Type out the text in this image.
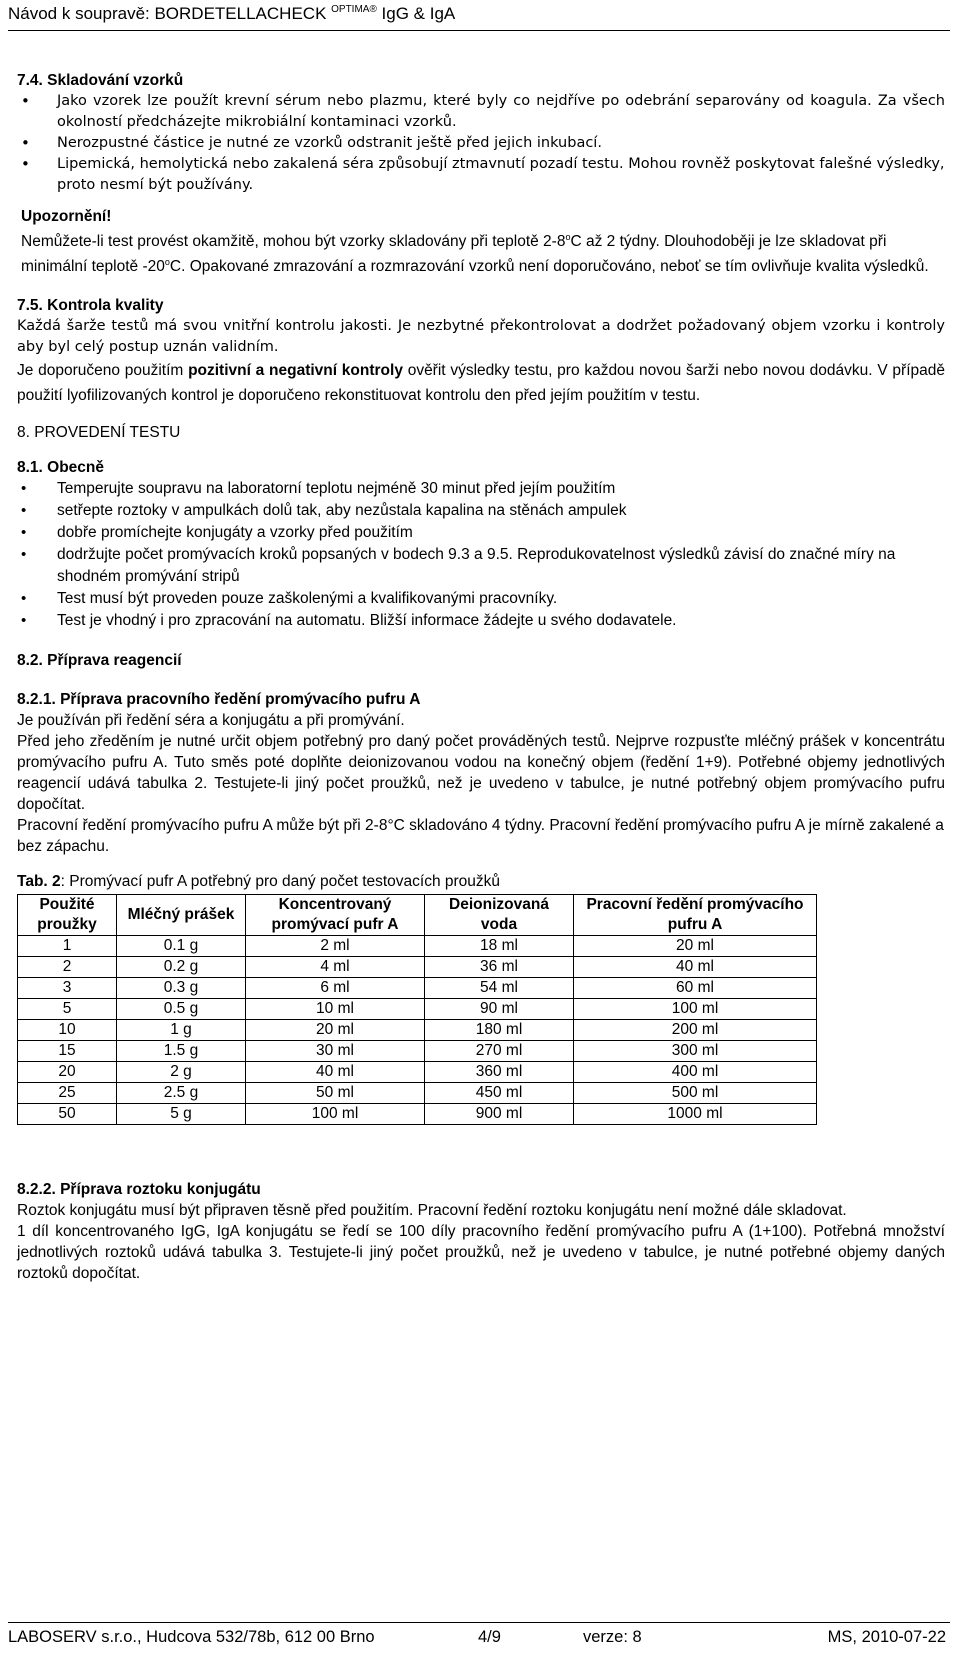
Návod k soupravě: BORDETELLACHECK $^{OPTIMA®}$ IgG & IgA
7.4. Skladování vzorků
• Jako vzorek lze použít krevní sérum nebo plazmu, které byly co nejdříve po odebrání separovány od koagula. Za všech okolností předcházejte mikrobiální kontaminaci vzorků.
• Nerozpustné částice je nutné ze vzorků odstranit ještě před jejich inkubací.
• Lipemická, hemolytická nebo zakalená séra způsobují ztmavnutí pozadí testu. Mohou rovněž poskytovat falešné výsledky, proto nesmí být používány.
Upozornění!
Nemůžete-li test provést okamžitě, mohou být vzorky skladovány při teplotě 2-8$^o$C až 2 týdny. Dlouhodoběji je lze skladovat při minimální teplotě -20$^o$C. Opakované zmrazování a rozmrazování vzorků není doporučováno, neboť se tím ovlivňuje kvalita výsledků.
7.5. Kontrola kvality
Každá šarže testů má svou vnitřní kontrolu jakosti. Je nezbytné překontrolovat a dodržet požadovaný objem vzorku i kontroly aby byl celý postup uznán validním.
Je doporučeno použitím pozitivní a negativní kontroly ověřit výsledky testu, pro každou novou šarži nebo novou dodávku. V případě použití lyofilizovaných kontrol je doporučeno rekonstituovat kontrolu den před jejím použitím v testu.
8. PROVEDENÍ TESTU
8.1. Obecně
• Temperujte soupravu na laboratorní teplotu nejméně 30 minut před jejím použitím
• setřepte roztoky v ampulkách dolů tak, aby nezůstala kapalina na stěnách ampulek
• dobře promíchejte konjugáty a vzorky před použitím
• dodržujte počet promývacích kroků popsaných v bodech 9.3 a 9.5. Reprodukovatelnost výsledků závisí do značné míry na shodném promývání stripů
• Test musí být proveden pouze zaškolenými a kvalifikovanými pracovníky.
• Test je vhodný i pro zpracování na automatu. Bližší informace žádejte u svého dodavatele.
8.2. Příprava reagencií
8.2.1. Příprava pracovního ředění promývacího pufru A
Je používán při ředění séra a konjugátu a při promývání.
Před jeho zředěním je nutné určit objem potřebný pro daný počet prováděných testů. Nejprve rozpusťte mléčný prášek v koncentrátu promývacího pufru A. Tuto směs poté doplňte deionizovanou vodou na konečný objem (ředění 1+9). Potřebné objemy jednotlivých reagencií udává tabulka 2. Testujete-li jiný počet proužků, než je uvedeno v tabulce, je nutné potřebný objem promývacího pufru dopočítat.
Pracovní ředění promývacího pufru A může být při 2-8°C skladováno 4 týdny. Pracovní ředění promývacího pufru A je mírně zakalené a bez zápachu.
Tab. 2: Promývací pufr A potřebný pro daný počet testovacích proužků
Použité proužky	Mléčný prášek	Koncentrovaný promývací pufr A	Deionizovaná voda	Pracovní ředění promývacího pufru A
1	0.1 g	2 ml	18 ml	20 ml
2	0.2 g	4 ml	36 ml	40 ml
3	0.3 g	6 ml	54 ml	60 ml
5	0.5 g	10 ml	90 ml	100 ml
10	1 g	20 ml	180 ml	200 ml
15	1.5 g	30 ml	270 ml	300 ml
20	2 g	40 ml	360 ml	400 ml
25	2.5 g	50 ml	450 ml	500 ml
50	5 g	100 ml	900 ml	1000 ml
8.2.2. Příprava roztoku konjugátu
Roztok konjugátu musí být připraven těsně před použitím. Pracovní ředění roztoku konjugátu není možné dále skladovat.
1 díl koncentrovaného IgG, IgA konjugátu se ředí se 100 díly pracovního ředění promývacího pufru A (1+100). Potřebná množství jednotlivých roztoků udává tabulka 3. Testujete-li jiný počet proužků, než je uvedeno v tabulce, je nutné potřebné objemy daných roztoků dopočítat.
LABOSERV s.r.o., Hudcova 532/78b, 612 00 Brno	4/9	verze: 8	MS, 2010-07-22
